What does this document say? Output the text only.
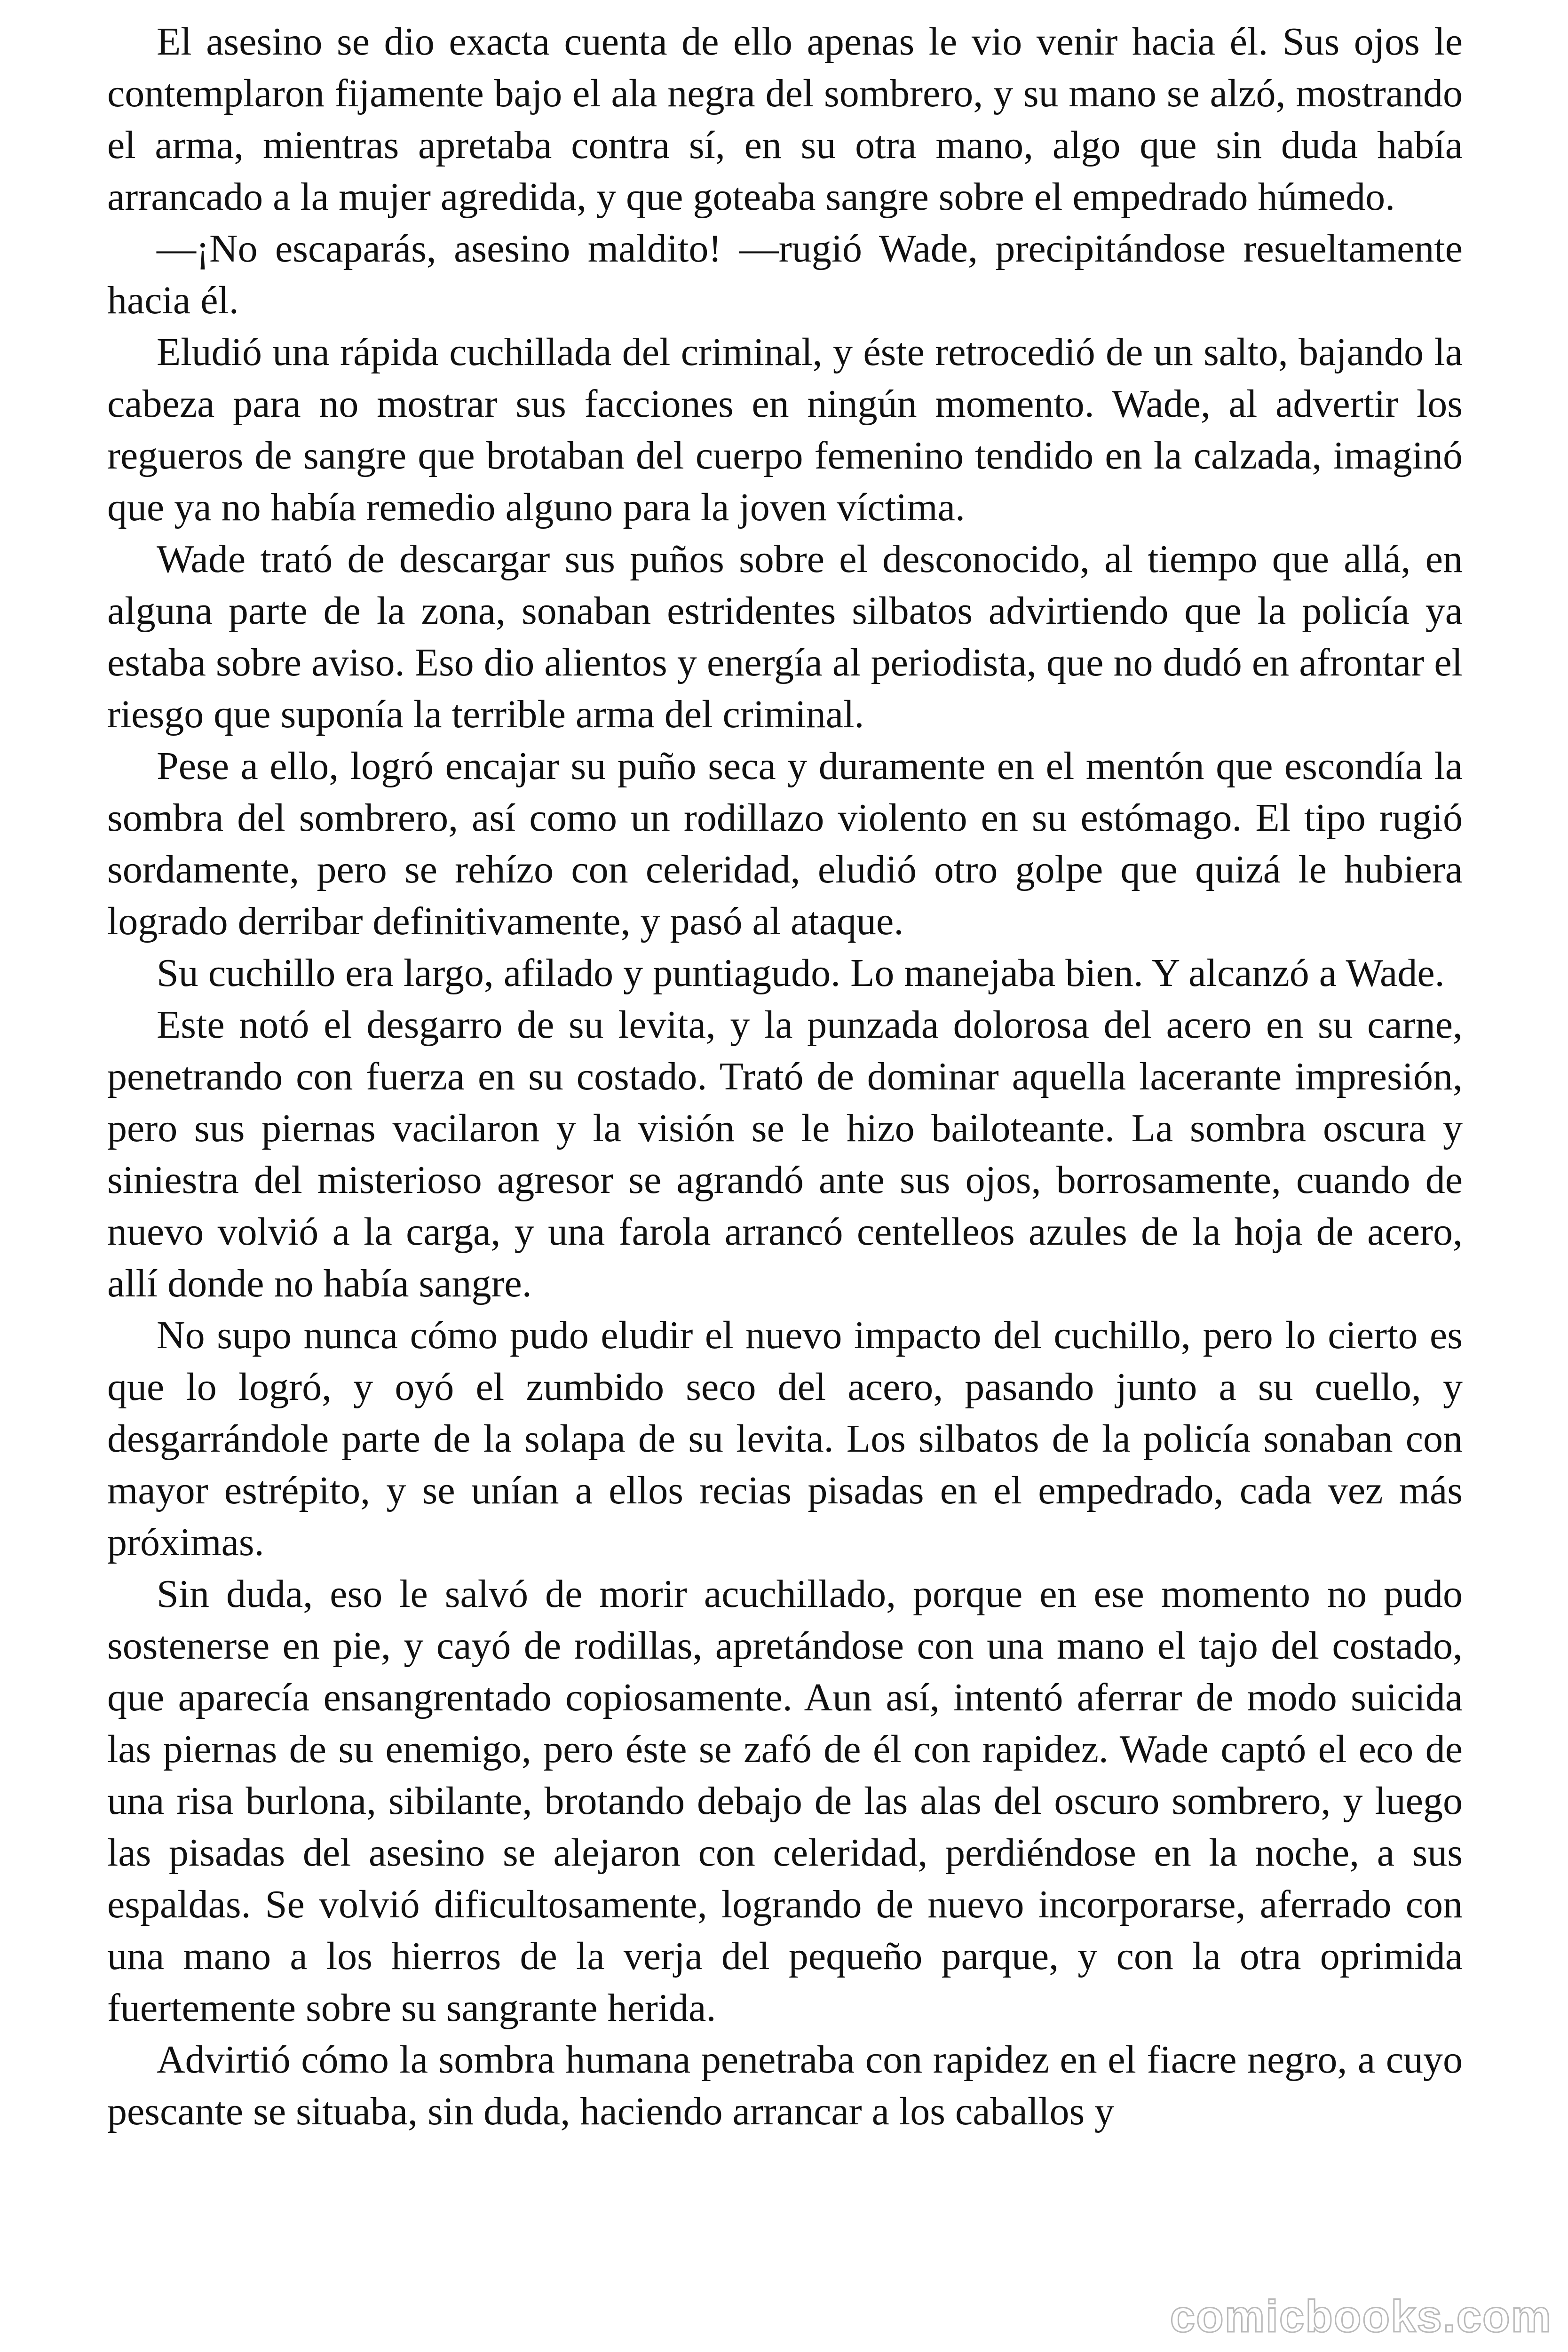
El asesino se dio exacta cuenta de ello apenas le vio venir hacia él. Sus ojos le contemplaron fijamente bajo el ala negra del sombrero, y su mano se alzó, mostrando el arma, mientras apretaba contra sí, en su otra mano, algo que sin duda había arrancado a la mujer agredida, y que goteaba sangre sobre el empedrado húmedo.

—¡No escaparás, asesino maldito! —rugió Wade, precipitándose resueltamente hacia él.

Eludió una rápida cuchillada del criminal, y éste retrocedió de un salto, bajando la cabeza para no mostrar sus facciones en ningún momento. Wade, al advertir los regueros de sangre que brotaban del cuerpo femenino tendido en la calzada, imaginó que ya no había remedio alguno para la joven víctima.

Wade trató de descargar sus puños sobre el desconocido, al tiempo que allá, en alguna parte de la zona, sonaban estridentes silbatos advirtiendo que la policía ya estaba sobre aviso. Eso dio alientos y energía al periodista, que no dudó en afrontar el riesgo que suponía la terrible arma del criminal.

Pese a ello, logró encajar su puño seca y duramente en el mentón que escondía la sombra del sombrero, así como un rodillazo violento en su estómago. El tipo rugió sordamente, pero se rehízo con celeridad, eludió otro golpe que quizá le hubiera logrado derribar definitivamente, y pasó al ataque.

Su cuchillo era largo, afilado y puntiagudo. Lo manejaba bien. Y alcanzó a Wade.

Este notó el desgarro de su levita, y la punzada dolorosa del acero en su carne, penetrando con fuerza en su costado. Trató de dominar aquella lacerante impresión, pero sus piernas vacilaron y la visión se le hizo bailoteante. La sombra oscura y siniestra del misterioso agresor se agrandó ante sus ojos, borrosamente, cuando de nuevo volvió a la carga, y una farola arrancó centelleos azules de la hoja de acero, allí donde no había sangre.

No supo nunca cómo pudo eludir el nuevo impacto del cuchillo, pero lo cierto es que lo logró, y oyó el zumbido seco del acero, pasando junto a su cuello, y desgarrándole parte de la solapa de su levita. Los silbatos de la policía sonaban con mayor estrépito, y se unían a ellos recias pisadas en el empedrado, cada vez más próximas.

Sin duda, eso le salvó de morir acuchillado, porque en ese momento no pudo sostenerse en pie, y cayó de rodillas, apretándose con una mano el tajo del costado, que aparecía ensangrentado copiosamente. Aun así, intentó aferrar de modo suicida las piernas de su enemigo, pero éste se zafó de él con rapidez. Wade captó el eco de una risa burlona, sibilante, brotando debajo de las alas del oscuro sombrero, y luego las pisadas del asesino se alejaron con celeridad, perdiéndose en la noche, a sus espaldas. Se volvió dificultosamente, logrando de nuevo incorporarse, aferrado con una mano a los hierros de la verja del pequeño parque, y con la otra oprimida fuertemente sobre su sangrante herida.

Advirtió cómo la sombra humana penetraba con rapidez en el fiacre negro, a cuyo pescante se situaba, sin duda, haciendo arrancar a los caballos y

comicbooks.com
